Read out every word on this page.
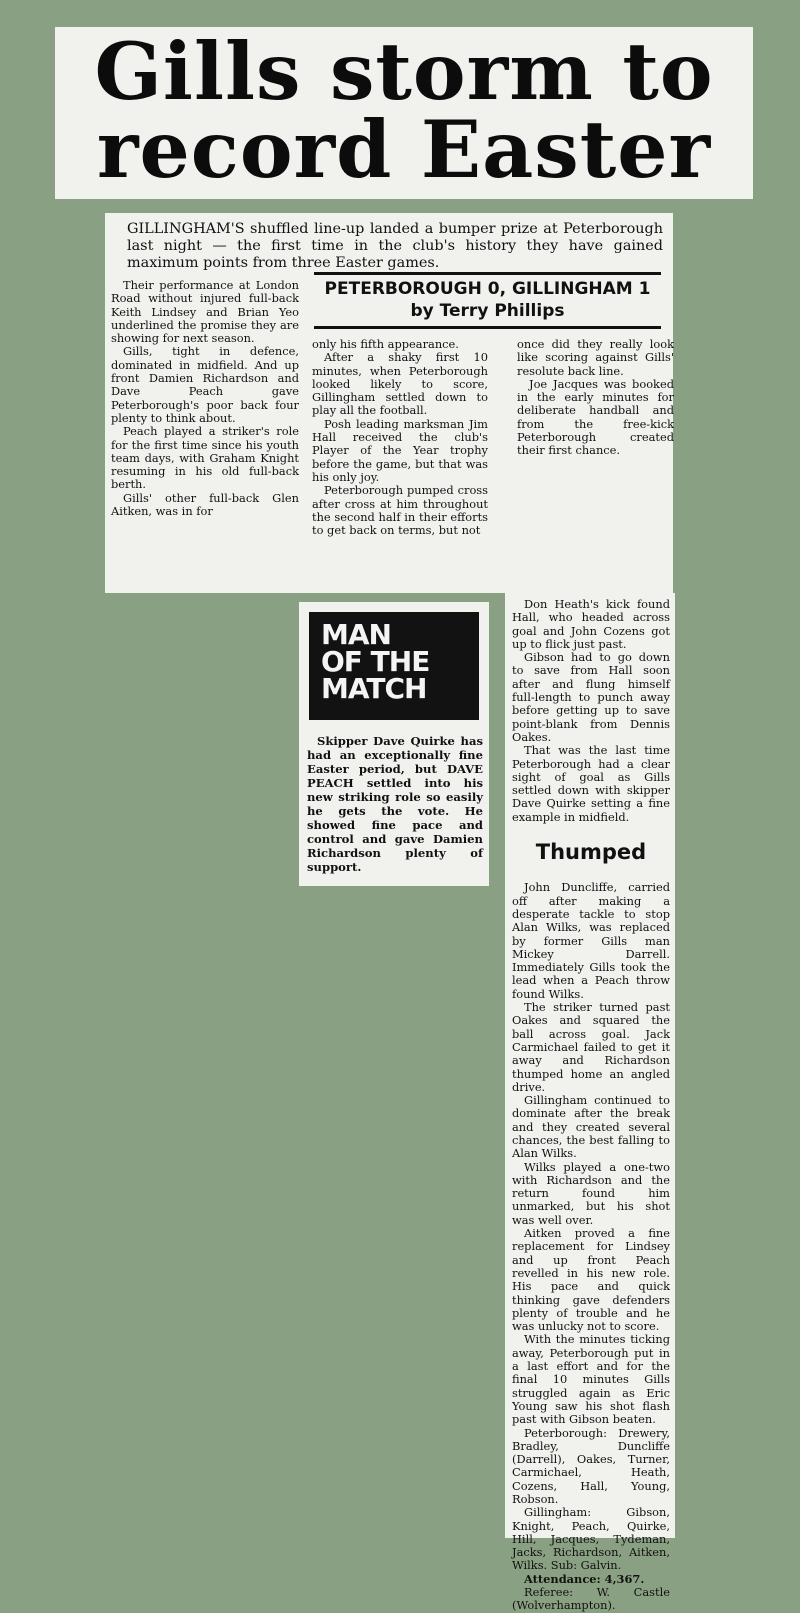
Gills storm to
record Easter

GILLINGHAM'S shuffled line-up landed a bumper prize at Peterborough last night — the first time in the club's history they have gained maximum points from three Easter games.

Their performance at London Road without injured full-back Keith Lindsey and Brian Yeo underlined the promise they are showing for next season.

Gills, tight in defence, dominated in midfield. And up front Damien Richardson and Dave Peach gave Peterborough's poor back four plenty to think about.

Peach played a striker's role for the first time since his youth team days, with Graham Knight resuming in his old full-back berth.

Gills' other full-back Glen Aitken, was in for

PETERBOROUGH 0, GILLINGHAM 1
by Terry Phillips

only his fifth appearance.

After a shaky first 10 minutes, when Peterborough looked likely to score, Gillingham settled down to play all the football.

Posh leading marksman Jim Hall received the club's Player of the Year trophy before the game, but that was his only joy.

Peterborough pumped cross after cross at him throughout the second half in their efforts to get back on terms, but not

once did they really look like scoring against Gills' resolute back line.

Joe Jacques was booked in the early minutes for deliberate handball and from the free-kick Peterborough created their first chance.

MAN
OF THE
MATCH

Skipper Dave Quirke has had an exceptionally fine Easter period, but DAVE PEACH settled into his new striking role so easily he gets the vote. He showed fine pace and control and gave Damien Richardson plenty of support.

Don Heath's kick found Hall, who headed across goal and John Cozens got up to flick just past.

Gibson had to go down to save from Hall soon after and flung himself full-length to punch away before getting up to save point-blank from Dennis Oakes.

That was the last time Peterborough had a clear sight of goal as Gills settled down with skipper Dave Quirke setting a fine example in midfield.

Thumped

John Duncliffe, carried off after making a desperate tackle to stop Alan Wilks, was replaced by former Gills man Mickey Darrell. Immediately Gills took the lead when a Peach throw found Wilks.

The striker turned past Oakes and squared the ball across goal. Jack Carmichael failed to get it away and Richardson thumped home an angled drive.

Gillingham continued to dominate after the break and they created several chances, the best falling to Alan Wilks.

Wilks played a one-two with Richardson and the return found him unmarked, but his shot was well over.

Aitken proved a fine replacement for Lindsey and up front Peach revelled in his new role. His pace and quick thinking gave defenders plenty of trouble and he was unlucky not to score.

With the minutes ticking away, Peterborough put in a last effort and for the final 10 minutes Gills struggled again as Eric Young saw his shot flash past with Gibson beaten.

Peterborough: Drewery, Bradley, Duncliffe (Darrell), Oakes, Turner, Carmichael, Heath, Cozens, Hall, Young, Robson.

Gillingham: Gibson, Knight, Peach, Quirke, Hill, Jacques, Tydeman, Jacks, Richardson, Aitken, Wilks. Sub: Galvin.

Attendance: 4,367.

Referee: W. Castle (Wolverhampton).
